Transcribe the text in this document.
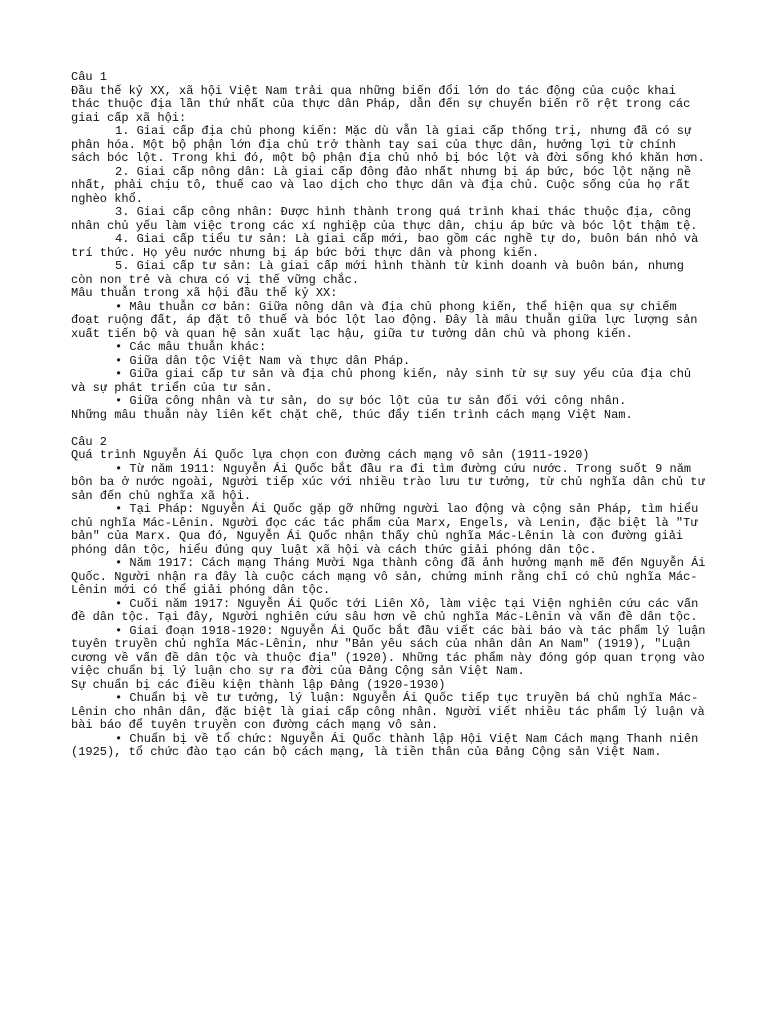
Câu 1

Đầu thế kỷ XX, xã hội Việt Nam trải qua những biến đổi lớn do tác động của cuộc khai thác thuộc địa lần thứ nhất của thực dân Pháp, dẫn đến sự chuyển biến rõ rệt trong các giai cấp xã hội:

1. Giai cấp địa chủ phong kiến: Mặc dù vẫn là giai cấp thống trị, nhưng đã có sự phân hóa. Một bộ phận lớn địa chủ trở thành tay sai của thực dân, hưởng lợi từ chính sách bóc lột. Trong khi đó, một bộ phận địa chủ nhỏ bị bóc lột và đời sống khó khăn hơn.

2. Giai cấp nông dân: Là giai cấp đông đảo nhất nhưng bị áp bức, bóc lột nặng nề nhất, phải chịu tô, thuế cao và lao dịch cho thực dân và địa chủ. Cuộc sống của họ rất nghèo khổ.

3. Giai cấp công nhân: Được hình thành trong quá trình khai thác thuộc địa, công nhân chủ yếu làm việc trong các xí nghiệp của thực dân, chịu áp bức và bóc lột thậm tệ.

4. Giai cấp tiểu tư sản: Là giai cấp mới, bao gồm các nghề tự do, buôn bán nhỏ và trí thức. Họ yêu nước nhưng bị áp bức bởi thực dân và phong kiến.

5. Giai cấp tư sản: Là giai cấp mới hình thành từ kinh doanh và buôn bán, nhưng còn non trẻ và chưa có vị thế vững chắc.

Mâu thuẫn trong xã hội đầu thế kỷ XX:

• Mâu thuẫn cơ bản: Giữa nông dân và địa chủ phong kiến, thể hiện qua sự chiếm đoạt ruộng đất, áp đặt tô thuế và bóc lột lao động. Đây là mâu thuẫn giữa lực lượng sản xuất tiến bộ và quan hệ sản xuất lạc hậu, giữa tư tưởng dân chủ và phong kiến.

• Các mâu thuẫn khác:

• Giữa dân tộc Việt Nam và thực dân Pháp.

• Giữa giai cấp tư sản và địa chủ phong kiến, nảy sinh từ sự suy yếu của địa chủ và sự phát triển của tư sản.

• Giữa công nhân và tư sản, do sự bóc lột của tư sản đối với công nhân.

Những mâu thuẫn này liên kết chặt chẽ, thúc đẩy tiến trình cách mạng Việt Nam.

Câu 2

Quá trình Nguyễn Ái Quốc lựa chọn con đường cách mạng vô sản (1911-1920)

• Từ năm 1911: Nguyễn Ái Quốc bắt đầu ra đi tìm đường cứu nước. Trong suốt 9 năm bôn ba ở nước ngoài, Người tiếp xúc với nhiều trào lưu tư tưởng, từ chủ nghĩa dân chủ tư sản đến chủ nghĩa xã hội.

• Tại Pháp: Nguyễn Ái Quốc gặp gỡ những người lao động và cộng sản Pháp, tìm hiểu chủ nghĩa Mác-Lênin. Người đọc các tác phẩm của Marx, Engels, và Lenin, đặc biệt là "Tư bản" của Marx. Qua đó, Nguyễn Ái Quốc nhận thấy chủ nghĩa Mác-Lênin là con đường giải phóng dân tộc, hiểu đúng quy luật xã hội và cách thức giải phóng dân tộc.

• Năm 1917: Cách mạng Tháng Mười Nga thành công đã ảnh hưởng mạnh mẽ đến Nguyễn Ái Quốc. Người nhận ra đây là cuộc cách mạng vô sản, chứng minh rằng chỉ có chủ nghĩa Mác-Lênin mới có thể giải phóng dân tộc.

• Cuối năm 1917: Nguyễn Ái Quốc tới Liên Xô, làm việc tại Viện nghiên cứu các vấn đề dân tộc. Tại đây, Người nghiên cứu sâu hơn về chủ nghĩa Mác-Lênin và vấn đề dân tộc.

• Giai đoạn 1918-1920: Nguyễn Ái Quốc bắt đầu viết các bài báo và tác phẩm lý luận tuyên truyền chủ nghĩa Mác-Lênin, như "Bản yêu sách của nhân dân An Nam" (1919), "Luận cương về vấn đề dân tộc và thuộc địa" (1920). Những tác phẩm này đóng góp quan trọng vào việc chuẩn bị lý luận cho sự ra đời của Đảng Cộng sản Việt Nam.

Sự chuẩn bị các điều kiện thành lập Đảng (1920-1930)

• Chuẩn bị về tư tưởng, lý luận: Nguyễn Ái Quốc tiếp tục truyền bá chủ nghĩa Mác-Lênin cho nhân dân, đặc biệt là giai cấp công nhân. Người viết nhiều tác phẩm lý luận và bài báo để tuyên truyền con đường cách mạng vô sản.

• Chuẩn bị về tổ chức: Nguyễn Ái Quốc thành lập Hội Việt Nam Cách mạng Thanh niên (1925), tổ chức đào tạo cán bộ cách mạng, là tiền thân của Đảng Cộng sản Việt Nam.
